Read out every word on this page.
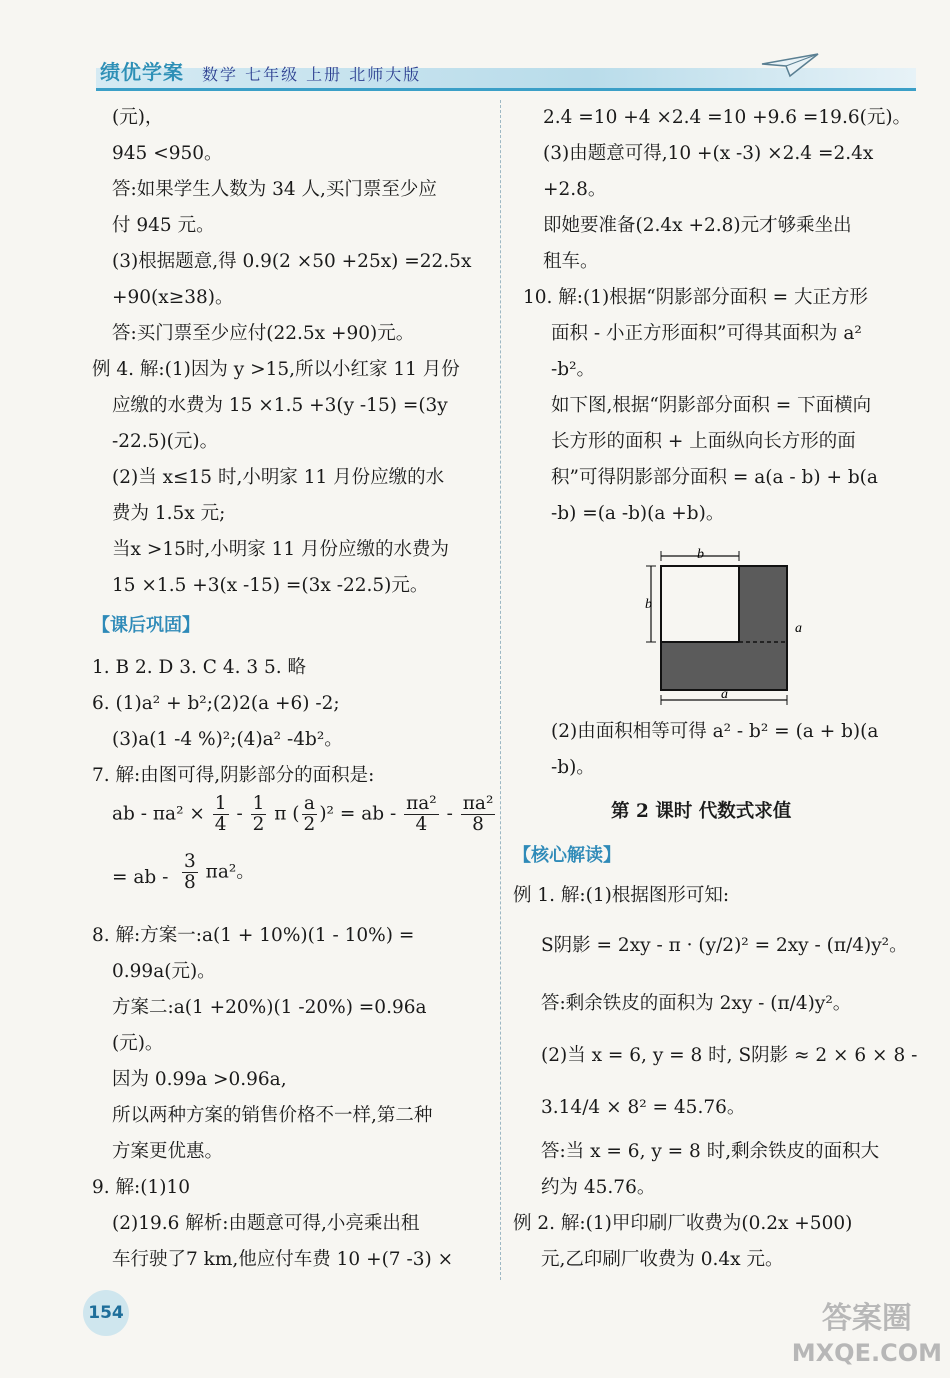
绩优学案 数学 七年级 上册 北师大版
ab - $\pi a^2 \times \frac{1}{4} - \frac{1}{2}$ π ( $\frac{a}{2} )^2$ = ab - $\frac{\text{πa²}}{4} - \frac{\text{πa²}}{8}$
$\frac{3}{8} \pi a^2$。
(元)，
945 <950。
答:如果学生人数为 34 人,买门票至少应
付 945 元。
(3)根据题意,得 0.9(2 ×50 +25x) =22.5x
+90(x≥38)。
答:买门票至少应付(22.5x +90)元。
例 4. 解:(1)因为 y >15,所以小红家 11 月份
应缴的水费为 15 ×1.5 +3(y -15) =(3y
-22.5)(元)。
(2)当 x≤15 时,小明家 11 月份应缴的水
费为 1.5x 元;
当x >15时,小明家 11 月份应缴的水费为
15 ×1.5 +3(x -15) =(3x -22.5)元。
【课后巩固】
1. B 2. D 3. C 4. 3 5. 略
6. (1)a² + b²;(2)2(a +6) -2;
(3)a(1 -4 %)²;(4)a² -4b²。
7. 解:由图可得,阴影部分的面积是:
= ab -
8. 解:方案一:a(1 + 10%)(1 - 10%) =
0.99a(元)。
方案二:a(1 +20%)(1 -20%) =0.96a
(元)。
因为 0.99a >0.96a,
所以两种方案的销售价格不一样,第二种
方案更优惠。
9. 解:(1)10
(2)19.6 解析:由题意可得,小亮乘出租
车行驶了7 km,他应付车费 10 +(7 -3) ×
b
b
a
a
2.4 =10 +4 ×2.4 =10 +9.6 =19.6(元)。
(3)由题意可得,10 +(x -3) ×2.4 =2.4x
+2.8。
即她要准备(2.4x +2.8)元才够乘坐出
租车。
10. 解:(1)根据“阴影部分面积 = 大正方形
面积 - 小正方形面积”可得其面积为 a²
-b²。
如下图,根据“阴影部分面积 = 下面横向
长方形的面积 + 上面纵向长方形的面
积”可得阴影部分面积 = a(a - b) + b(a
-b) =(a -b)(a +b)。
(2)由面积相等可得 a² - b² = (a + b)(a
-b)。
第 2 课时 代数式求值
【核心解读】
例 1. 解:(1)根据图形可知:
S阴影 = 2xy - π · (y/2)² = 2xy - (π/4)y²。
答:剩余铁皮的面积为 2xy - (π/4)y²。
(2)当 x = 6, y = 8 时, S阴影 ≈ 2 × 6 × 8 -
3.14/4 × 8² = 45.76。
答:当 x = 6, y = 8 时,剩余铁皮的面积大
约为 45.76。
例 2. 解:(1)甲印刷厂收费为(0.2x +500)
元,乙印刷厂收费为 0.4x 元。
154	答案圈
MXQE.COM
